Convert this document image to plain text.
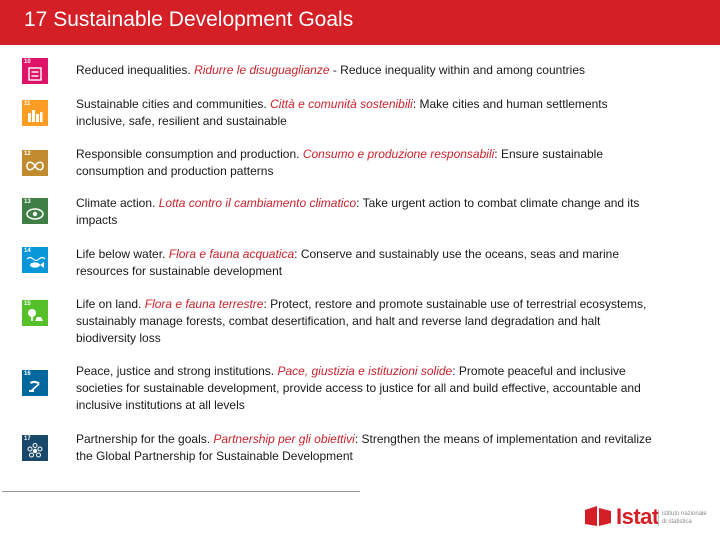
17 Sustainable Development Goals
10
Reduced inequalities. Ridurre le disuguaglianze - Reduce inequality within and among countries
11	Sustainable cities and communities. Città e comunità sostenibili: Make cities and human settlements inclusive, safe, resilient and sustainable
12	Responsible consumption and production. Consumo e produzione responsabili: Ensure sustainable consumption and production patterns
13	Climate action. Lotta contro il cambiamento climatico: Take urgent action to combat climate change and its impacts
14	Life below water. Flora e fauna acquatica: Conserve and sustainably use the oceans, seas and marine resources for sustainable development
15	Life on land. Flora e fauna terrestre: Protect, restore and promote sustainable use of terrestrial ecosystems, sustainably manage forests, combat desertification, and halt and reverse land degradation and halt biodiversity loss
16	Peace, justice and strong institutions. Pace, giustizia e istituzioni solide: Promote peaceful and inclusive societies for sustainable development, provide access to justice for all and build effective, accountable and inclusive institutions at all levels
17	Partnership for the goals. Partnership per gli obiettivi: Strengthen the means of implementation and revitalize the Global Partnership for Sustainable Development
Istat istituto nazionale
di statistica
